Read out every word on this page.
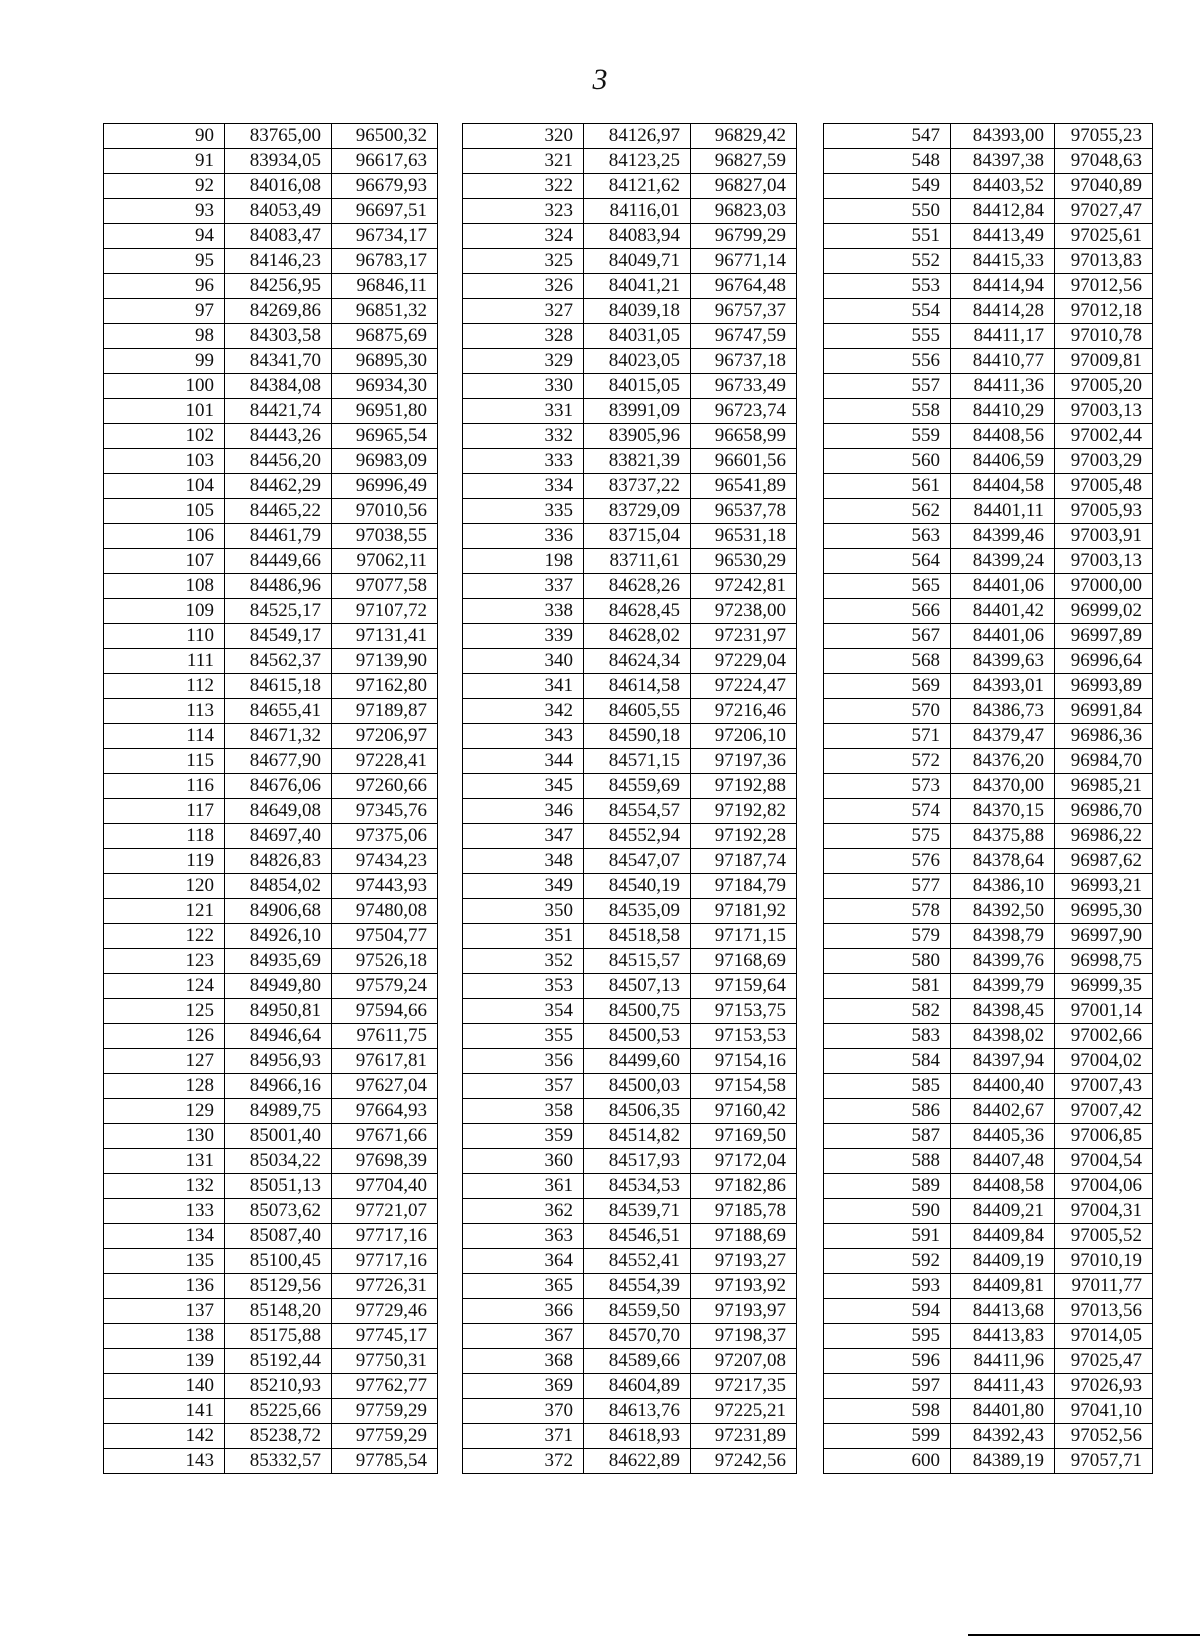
3
90	83765,00	96500,32
91	83934,05	96617,63
92	84016,08	96679,93
93	84053,49	96697,51
94	84083,47	96734,17
95	84146,23	96783,17
96	84256,95	96846,11
97	84269,86	96851,32
98	84303,58	96875,69
99	84341,70	96895,30
100	84384,08	96934,30
101	84421,74	96951,80
102	84443,26	96965,54
103	84456,20	96983,09
104	84462,29	96996,49
105	84465,22	97010,56
106	84461,79	97038,55
107	84449,66	97062,11
108	84486,96	97077,58
109	84525,17	97107,72
110	84549,17	97131,41
111	84562,37	97139,90
112	84615,18	97162,80
113	84655,41	97189,87
114	84671,32	97206,97
115	84677,90	97228,41
116	84676,06	97260,66
117	84649,08	97345,76
118	84697,40	97375,06
119	84826,83	97434,23
120	84854,02	97443,93
121	84906,68	97480,08
122	84926,10	97504,77
123	84935,69	97526,18
124	84949,80	97579,24
125	84950,81	97594,66
126	84946,64	97611,75
127	84956,93	97617,81
128	84966,16	97627,04
129	84989,75	97664,93
130	85001,40	97671,66
131	85034,22	97698,39
132	85051,13	97704,40
133	85073,62	97721,07
134	85087,40	97717,16
135	85100,45	97717,16
136	85129,56	97726,31
137	85148,20	97729,46
138	85175,88	97745,17
139	85192,44	97750,31
140	85210,93	97762,77
141	85225,66	97759,29
142	85238,72	97759,29
143	85332,57	97785,54
320	84126,97	96829,42
321	84123,25	96827,59
322	84121,62	96827,04
323	84116,01	96823,03
324	84083,94	96799,29
325	84049,71	96771,14
326	84041,21	96764,48
327	84039,18	96757,37
328	84031,05	96747,59
329	84023,05	96737,18
330	84015,05	96733,49
331	83991,09	96723,74
332	83905,96	96658,99
333	83821,39	96601,56
334	83737,22	96541,89
335	83729,09	96537,78
336	83715,04	96531,18
198	83711,61	96530,29
337	84628,26	97242,81
338	84628,45	97238,00
339	84628,02	97231,97
340	84624,34	97229,04
341	84614,58	97224,47
342	84605,55	97216,46
343	84590,18	97206,10
344	84571,15	97197,36
345	84559,69	97192,88
346	84554,57	97192,82
347	84552,94	97192,28
348	84547,07	97187,74
349	84540,19	97184,79
350	84535,09	97181,92
351	84518,58	97171,15
352	84515,57	97168,69
353	84507,13	97159,64
354	84500,75	97153,75
355	84500,53	97153,53
356	84499,60	97154,16
357	84500,03	97154,58
358	84506,35	97160,42
359	84514,82	97169,50
360	84517,93	97172,04
361	84534,53	97182,86
362	84539,71	97185,78
363	84546,51	97188,69
364	84552,41	97193,27
365	84554,39	97193,92
366	84559,50	97193,97
367	84570,70	97198,37
368	84589,66	97207,08
369	84604,89	97217,35
370	84613,76	97225,21
371	84618,93	97231,89
372	84622,89	97242,56
547	84393,00	97055,23
548	84397,38	97048,63
549	84403,52	97040,89
550	84412,84	97027,47
551	84413,49	97025,61
552	84415,33	97013,83
553	84414,94	97012,56
554	84414,28	97012,18
555	84411,17	97010,78
556	84410,77	97009,81
557	84411,36	97005,20
558	84410,29	97003,13
559	84408,56	97002,44
560	84406,59	97003,29
561	84404,58	97005,48
562	84401,11	97005,93
563	84399,46	97003,91
564	84399,24	97003,13
565	84401,06	97000,00
566	84401,42	96999,02
567	84401,06	96997,89
568	84399,63	96996,64
569	84393,01	96993,89
570	84386,73	96991,84
571	84379,47	96986,36
572	84376,20	96984,70
573	84370,00	96985,21
574	84370,15	96986,70
575	84375,88	96986,22
576	84378,64	96987,62
577	84386,10	96993,21
578	84392,50	96995,30
579	84398,79	96997,90
580	84399,76	96998,75
581	84399,79	96999,35
582	84398,45	97001,14
583	84398,02	97002,66
584	84397,94	97004,02
585	84400,40	97007,43
586	84402,67	97007,42
587	84405,36	97006,85
588	84407,48	97004,54
589	84408,58	97004,06
590	84409,21	97004,31
591	84409,84	97005,52
592	84409,19	97010,19
593	84409,81	97011,77
594	84413,68	97013,56
595	84413,83	97014,05
596	84411,96	97025,47
597	84411,43	97026,93
598	84401,80	97041,10
599	84392,43	97052,56
600	84389,19	97057,71
